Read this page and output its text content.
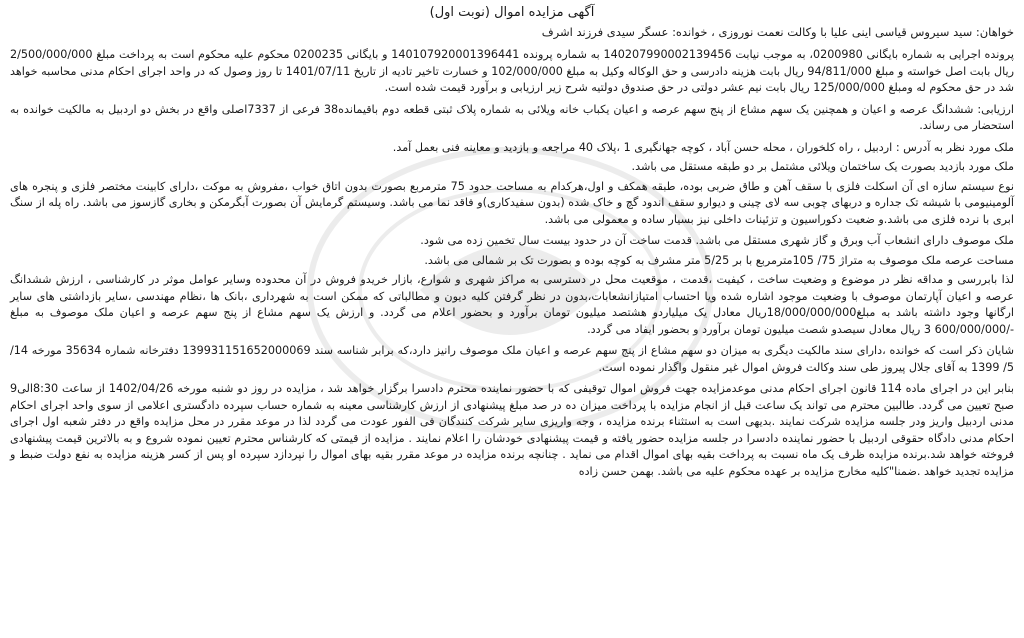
آگهی مزایده اموال (نوبت اول)
خواهان: سید سیروس قیاسی اینی علیا با وکالت نعمت نوروزی ، خوانده: عسگر سیدی فرزند اشرف

پرونده اجرایی به شماره بایگانی 0200980، به موجب نیابت 140207990002139456 به شماره پرونده 140107920001396441 و بایگانی 0200235 محکوم علیه محکوم است به پرداخت مبلغ 2/500/000/000 ریال بابت اصل خواسته و مبلغ 94/811/000 ریال بابت هزینه دادرسی و حق الوکاله وکیل به مبلغ 102/000/000 و خسارت تاخیر تادیه از تاریخ 1401/07/11 تا روز وصول که در واحد اجرای احکام مدنی محاسبه خواهد شد در حق محکوم له ومبلغ 125/000/000 ریال بابت نیم عشر دولتی در حق صندوق دولتیه شرح زیر ارزیابی و برآورد قیمت شده است.

ارزیابی: ششدانگ عرصه و اعیان و همچنین یک سهم مشاع از پنج سهم عرصه و اعیان یکباب خانه ویلائی به شماره پلاک ثبتی قطعه دوم باقیمانده38 فرعی از 7337اصلی واقع در بخش دو اردبیل به مالکیت خوانده به استحضار می رساند.

ملک مورد نظر به آدرس : اردبیل ، راه کلخوران ، محله حسن آباد ، کوچه جهانگیری 1 ،پلاک 40 مراجعه و بازدید و معاینه فنی بعمل آمد.

ملک مورد بازدید بصورت یک ساختمان ویلائی مشتمل بر دو طبقه مستقل می باشد.

نوع سیستم سازه ای آن اسکلت فلزی با سقف آهن و طاق ضربی بوده، طبقه همکف و اول،هرکدام به مساحت حدود 75 مترمربع بصورت بدون اتاق خواب ،مفروش به موکت ،دارای کابینت مختصر فلزی و پنجره های آلومینیومی با شیشه تک جداره و دربهای چوبی سه لای چینی و دیوارو سقف اندود گچ و خاک شده (بدون سفیدکاری)و فاقد نما می باشد. وسیستم گرمایش آن بصورت آبگرمکن و بخاری گازسوز می باشد. راه پله از سنگ ابری با نرده فلزی می باشد.و ضعیت دکوراسیون و تزئینات داخلی نیز بسیار ساده و معمولی می باشد.

ملک موصوف دارای انشعاب آب وبرق و گاز شهری مستقل می باشد. قدمت ساخت آن در حدود بیست سال تخمین زده می شود.

مساحت عرصه ملک موصوف به متراژ 75/ 105مترمربع با بر 5/25 متر مشرف به کوچه بوده و بصورت تک بر شمالی می باشد.

لذا بابررسی و مداقه نظر در موضوع و وضعیت ساخت ، کیفیت ،قدمت ، موقعیت محل در دسترسی به مراکز شهری و شوارع، بازار خریدو فروش در آن محدوده وسایر عوامل موثر در کارشناسی ، ارزش ششدانگ عرصه و اعیان آپارتمان موصوف با وضعیت موجود اشاره شده ویا احتساب امتیازانشعابات،بدون در نظر گرفتن کلیه دیون و مطالباتی که ممکن است به شهرداری ،بانک ها ،نظام مهندسی ،سایر بازداشتی های سایر ارگانها وجود داشته باشد به مبلغ18/000/000/000ریال معادل یک میلیاردو هشتصد میلیون تومان برآورد و بحضور اعلام می گردد. و ارزش یک سهم مشاع از پنج سهم عرصه و اعیان ملک موصوف به مبلغ -/600/000/000 3 ریال معادل سیصدو شصت میلیون تومان برآورد و بحضور ایفاد می گردد.

شایان ذکر است که خوانده ،دارای سند مالکیت دیگری به میزان دو سهم مشاع از پنج سهم عرصه و اعیان ملک موصوف رانیز دارد،که برابر شناسه سند 139931151652000069 دفترخانه شماره 35634 مورخه 14/ 5/ 1399 به آقای جلال پیروز طی سند وکالت فروش اموال غیر منقول واگذار نموده است.

بنابر این در اجرای ماده 114 قانون اجرای احکام مدنی موعدمزایده جهت فروش اموال توقیفی که با حضور نماینده محترم دادسرا برگزار خواهد شد ، مزایده در روز دو شنبه مورخه 1402/04/26 از ساعت 8:30الی9 صبح تعیین می گردد. طالبین محترم می تواند یک ساعت قبل از انجام مزایده با پرداخت میزان ده در صد مبلغ پیشنهادی از ارزش کارشناسی معینه به شماره حساب سپرده دادگستری اعلامی از سوی واحد اجرای احکام مدنی اردبیل واریز ودر جلسه مزایده شرکت نمایند .بدیهی است به استثناء برنده مزایده ، وجه واریزی سایر شرکت کنندگان فی الفور عودت می گردد لذا در موعد مقرر در محل مزایده واقع در دفتر شعبه اول اجرای احکام مدنی دادگاه حقوقی اردبیل با حضور نماینده دادسرا در جلسه مزایده حضور یافته و قیمت پیشنهادی خودشان را اعلام نمایند . مزایده از قیمتی که کارشناس محترم تعیین نموده شروع و به بالاترین قیمت پیشنهادی فروخته خواهد شد.برنده مزایده ظرف یک ماه نسبت به پرداخت بقیه بهای اموال اقدام می نماید . چنانچه برنده مزایده در موعد مقرر بقیه بهای اموال را نپردازد سپرده او پس از کسر هزینه مزایده به نفع دولت ضبط و مزایده تجدید خواهد .ضمنا"کلیه مخارج مزایده بر عهده محکوم علیه می باشد. بهمن حسن زاده
